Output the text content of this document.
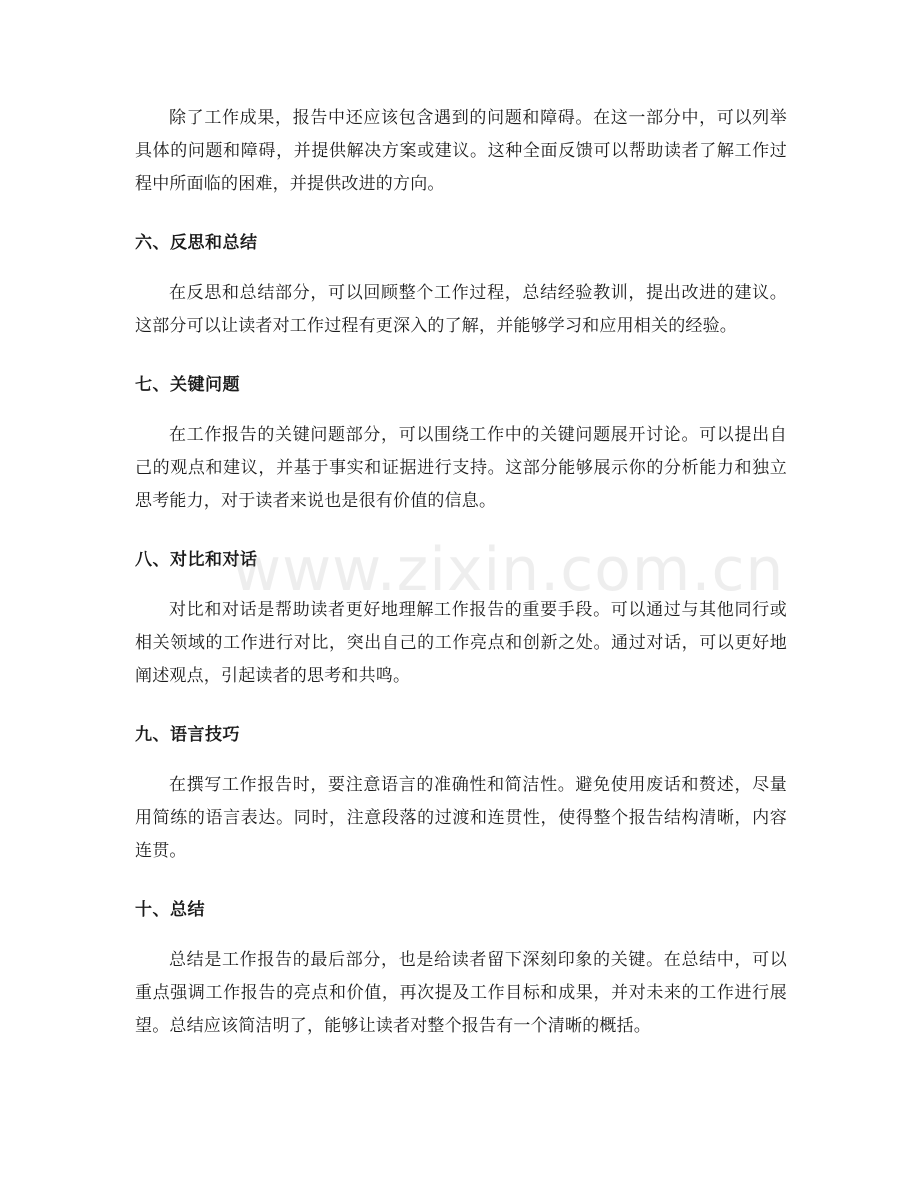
除了工作成果，报告中还应该包含遇到的问题和障碍。在这一部分中，可以列举具体的问题和障碍，并提供解决方案或建议。这种全面反馈可以帮助读者了解工作过程中所面临的困难，并提供改进的方向。

六、反思和总结

在反思和总结部分，可以回顾整个工作过程，总结经验教训，提出改进的建议。这部分可以让读者对工作过程有更深入的了解，并能够学习和应用相关的经验。

七、关键问题

在工作报告的关键问题部分，可以围绕工作中的关键问题展开讨论。可以提出自己的观点和建议，并基于事实和证据进行支持。这部分能够展示你的分析能力和独立思考能力，对于读者来说也是很有价值的信息。

八、对比和对话

对比和对话是帮助读者更好地理解工作报告的重要手段。可以通过与其他同行或相关领域的工作进行对比，突出自己的工作亮点和创新之处。通过对话，可以更好地阐述观点，引起读者的思考和共鸣。

九、语言技巧

在撰写工作报告时，要注意语言的准确性和简洁性。避免使用废话和赘述，尽量用简练的语言表达。同时，注意段落的过渡和连贯性，使得整个报告结构清晰，内容连贯。

十、总结

总结是工作报告的最后部分，也是给读者留下深刻印象的关键。在总结中，可以重点强调工作报告的亮点和价值，再次提及工作目标和成果，并对未来的工作进行展望。总结应该简洁明了，能够让读者对整个报告有一个清晰的概括。

www.zixin.com.cn
